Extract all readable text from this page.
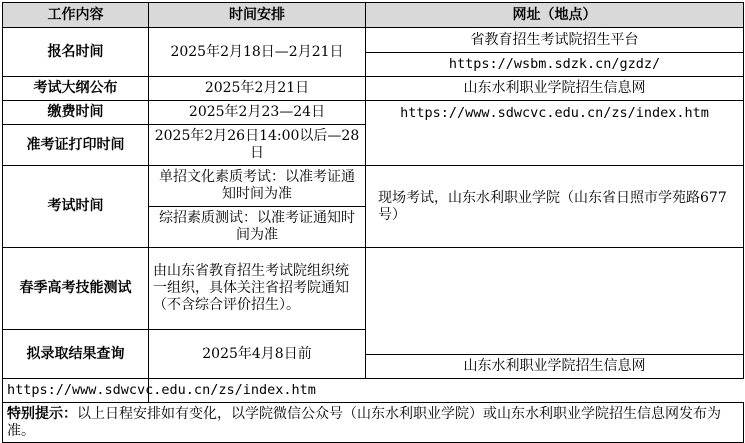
工作内容	时间安排	网址（地点）
报名时间	2025年2月18日—2月21日	省教育招生考试院招生平台
		https://wsbm.sdzk.cn/gzdz/
考试大纲公布	2025年2月21日	山东水利职业学院招生信息网
缴费时间	2025年2月23—24日	https://www.sdwcvc.edu.cn/zs/index.htm
准考证打印时间	2025年2月26日14:00以后—28日	
考试时间	单招文化素质考试：以准考证通知时间为准	现场考试，山东水利职业学院（山东省日照市学苑路677号）
	综招素质测试：以准考证通知时间为准	
春季高考技能测试	由山东省教育招生考试院组织统一组织，具体关注省招考院通知（不含综合评价招生）。	
拟录取结果查询	2025年4月8日前	
		山东水利职业学院招生信息网
https://www.sdwcvc.edu.cn/zs/index.htm		
特别提示：以上日程安排如有变化，以学院微信公众号（山东水利职业学院）或山东水利职业学院招生信息网发布为准。		
